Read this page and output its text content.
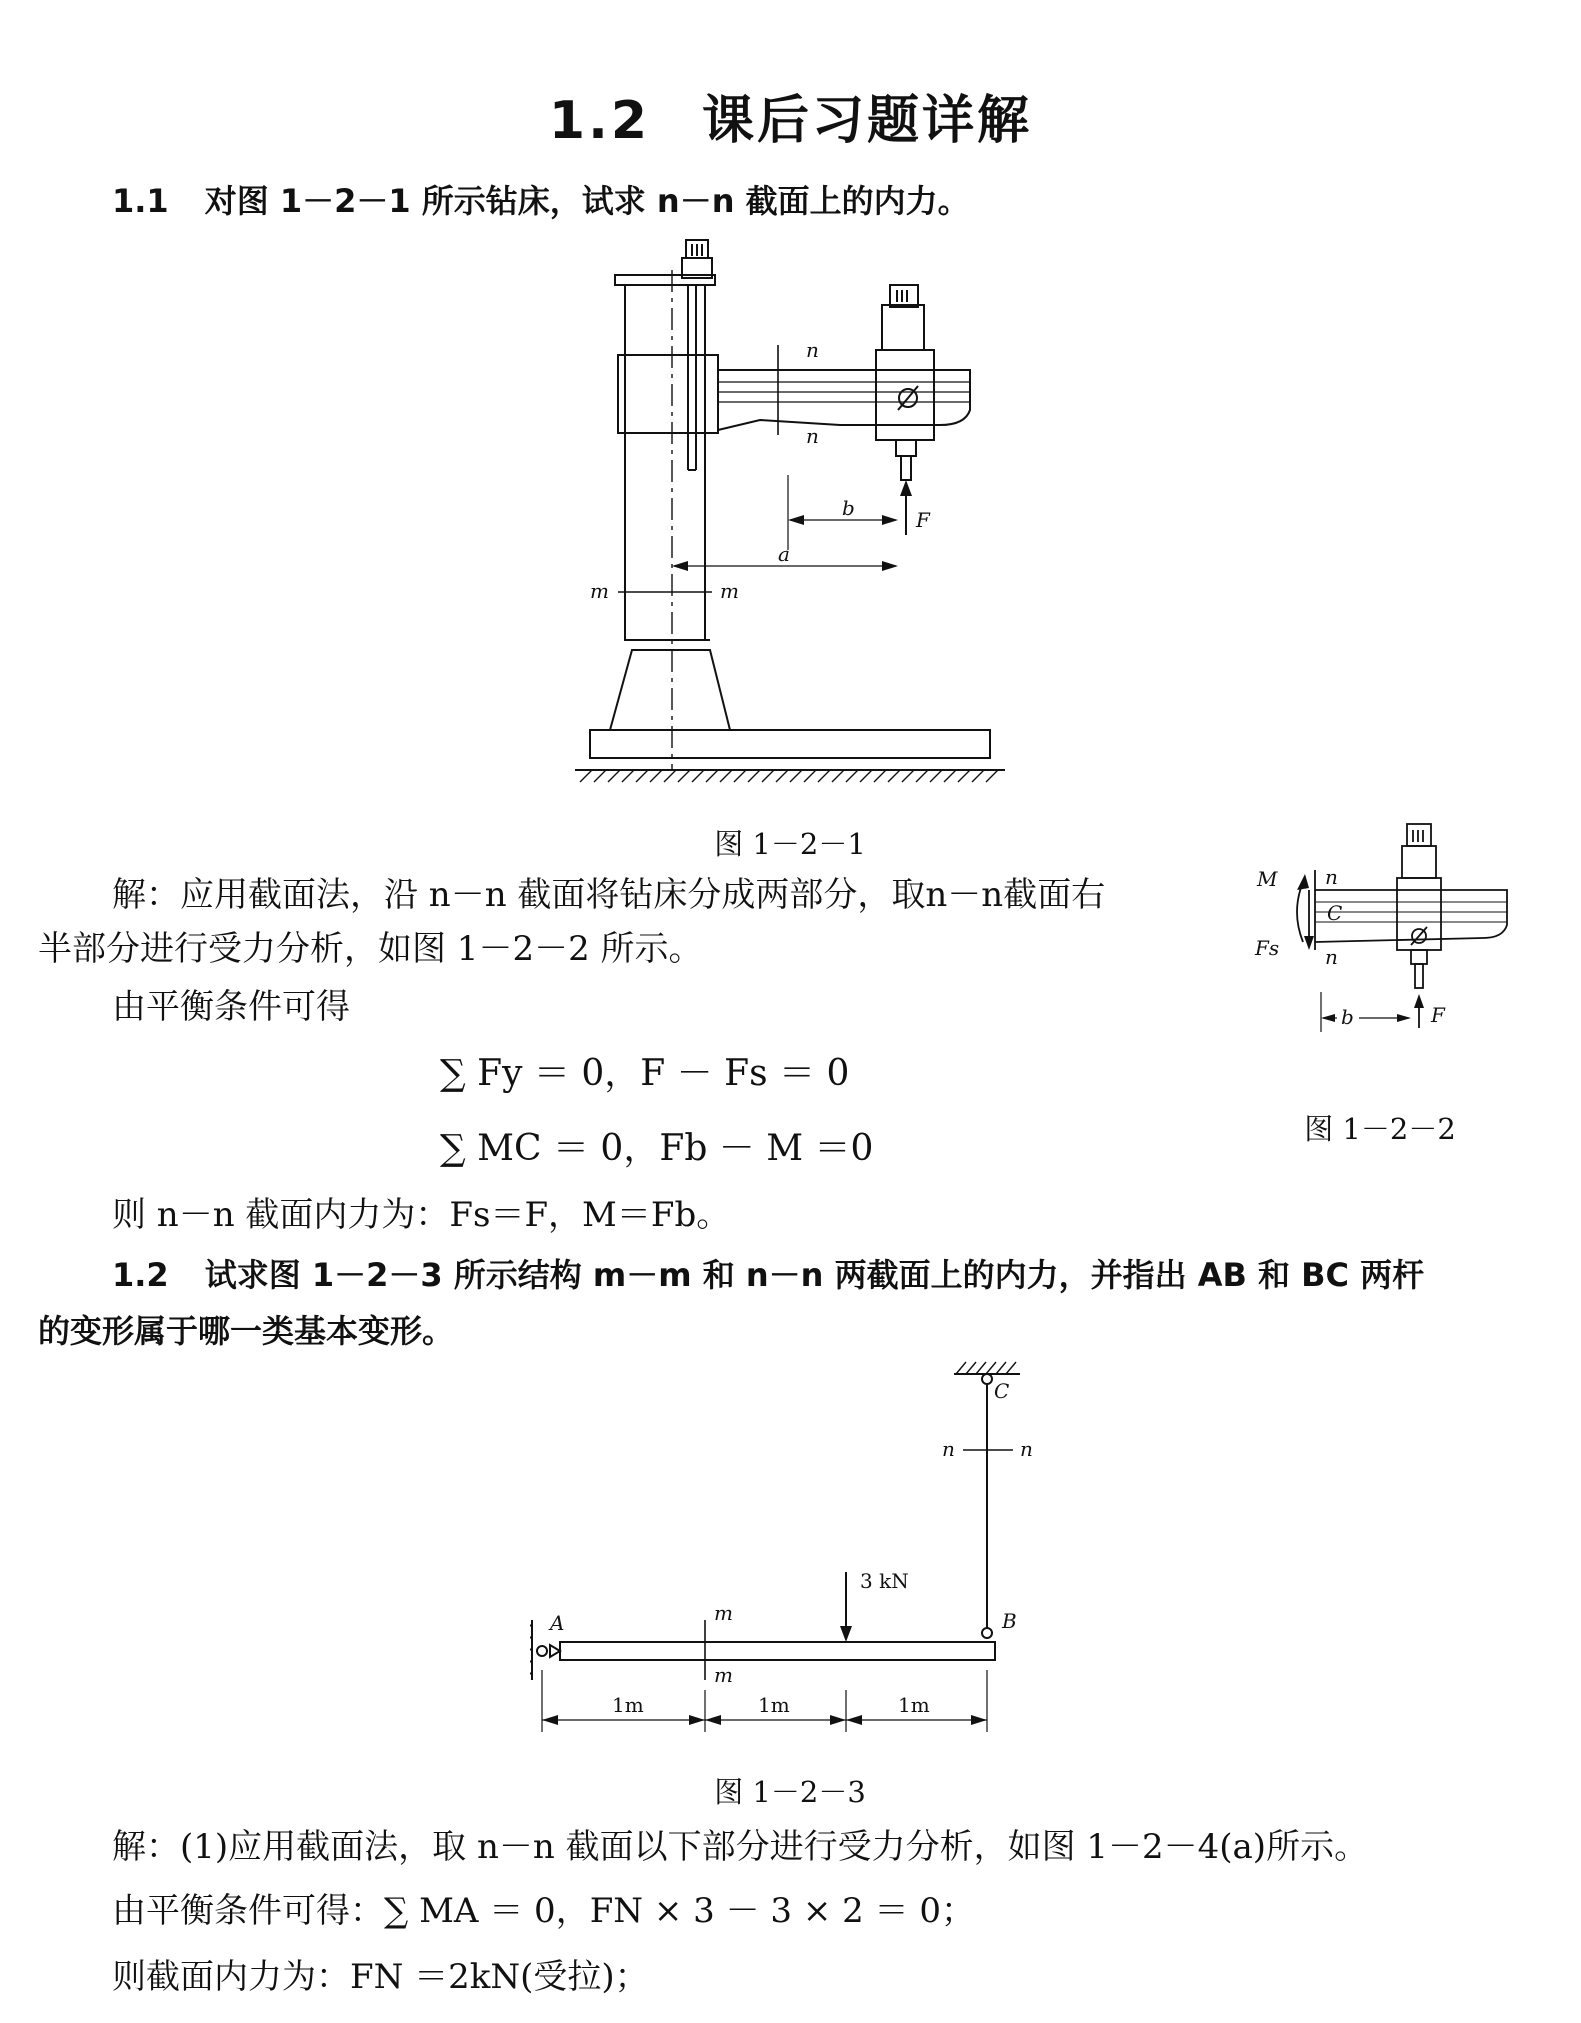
1.2 课后习题详解
1.1 对图 1－2－1 所示钻床，试求 n－n 截面上的内力。
n
n
b
a
F
m	m
图 1－2－1
M
Fs
n
C
n
b	F
图 1－2－2
解：应用截面法，沿 n－n 截面将钻床分成两部分，取n－n截面右
半部分进行受力分析，如图 1－2－2 所示。
由平衡条件可得
∑ Fy ＝ 0，F － Fs ＝ 0
∑ MC ＝ 0，Fb － M ＝0
则 n－n 截面内力为：Fs＝F，M＝Fb。
1.2 试求图 1－2－3 所示结构 m－m 和 n－n 两截面上的内力，并指出 AB 和 BC 两杆
的变形属于哪一类基本变形。
C
n	n
3 kN
A	B
m
m
1m	1m	1m
图 1－2－3
解：(1)应用截面法，取 n－n 截面以下部分进行受力分析，如图 1－2－4(a)所示。
由平衡条件可得：∑ MA ＝ 0，FN × 3 － 3 × 2 ＝ 0；
则截面内力为：FN ＝2kN(受拉)；
